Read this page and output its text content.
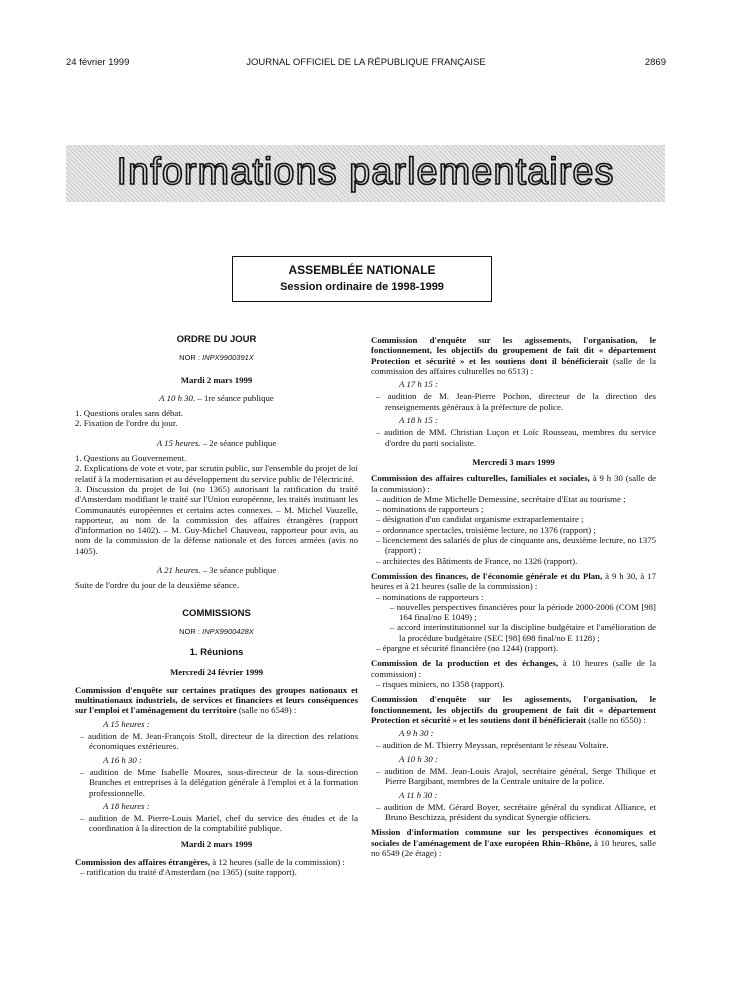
24 février 1999	JOURNAL OFFICIEL DE LA RÉPUBLIQUE FRANÇAISE	2869
Informations parlementaires
ASSEMBLÉE NATIONALE
Session ordinaire de 1998-1999
ORDRE DU JOUR
NOR : INPX9900391X
Mardi 2 mars 1999
A 10 h 30. – 1re séance publique
1. Questions orales sans débat.
2. Fixation de l'ordre du jour.
A 15 heures. – 2e séance publique
1. Questions au Gouvernement.
2. Explications de vote et vote, par scrutin public, sur l'ensemble du projet de loi relatif à la modernisation et au développement du service public de l'électricité.
3. Discussion du projet de loi (no 1365) autorisant la ratification du traité d'Amsterdam modifiant le traité sur l'Union européenne, les traités instituant les Communautés européennes et certains actes connexes. – M. Michel Vauzelle, rapporteur, au nom de la commission des affaires étrangères (rapport d'information no 1402). – M. Guy-Michel Chauveau, rapporteur pour avis, au nom de la commission de la défense nationale et des forces armées (avis no 1405).
A 21 heures. – 3e séance publique
Suite de l'ordre du jour de la deuxième séance.
COMMISSIONS
NOR : INPX9900428X
1. Réunions
Mercredi 24 février 1999
Commission d'enquête sur certaines pratiques des groupes nationaux et multinationaux industriels, de services et financiers et leurs conséquences sur l'emploi et l'aménagement du territoire (salle no 6549) :
A 15 heures :
– audition de M. Jean-François Stoll, directeur de la direction des relations économiques extérieures.
A 16 h 30 :
– audition de Mme Isabelle Moures, sous-directeur de la sous-direction Branches et entreprises à la délégation générale à l'emploi et à la formation professionnelle.
A 18 heures :
– audition de M. Pierre-Louis Mariel, chef du service des études et de la coordination à la direction de la comptabilité publique.
Mardi 2 mars 1999
Commission des affaires étrangères, à 12 heures (salle de la commission) :
– ratification du traité d'Amsterdam (no 1365) (suite rapport).
Commission d'enquête sur les agissements, l'organisation, le fonctionnement, les objectifs du groupement de fait dit « département Protection et sécurité » et les soutiens dont il bénéficierait (salle de la commission des affaires culturelles no 6513) :
A 17 h 15 :
– audition de M. Jean-Pierre Pochon, directeur de la direction des renseignements généraux à la préfecture de police.
A 18 h 15 :
– audition de MM. Christian Luçon et Loïc Rousseau, membres du service d'ordre du parti socialiste.
Mercredi 3 mars 1999
Commission des affaires culturelles, familiales et sociales, à 9 h 30 (salle de la commission) :
– audition de Mme Michelle Demessine, secrétaire d'Etat au tourisme ;
– nominations de rapporteurs ;
– désignation d'un candidat organisme extraparlementaire ;
– ordonnance spectacles, troisième lecture, no 1376 (rapport) ;
– licenciement des salariés de plus de cinquante ans, deuxième lecture, no 1375 (rapport) ;
– architectes des Bâtiments de France, no 1326 (rapport).
Commission des finances, de l'économie générale et du Plan, à 9 h 30, à 17 heures et à 21 heures (salle de la commission) :
– nominations de rapporteurs :
– nouvelles perspectives financières pour la période 2000-2006 (COM [98] 164 final/no E 1049) ;
– accord interinstitutionnel sur la discipline budgétaire et l'amélioration de la procédure budgétaire (SEC [98] 698 final/no E 1128) ;
– épargne et sécurité financière (no 1244) (rapport).
Commission de la production et des échanges, à 10 heures (salle de la commission) :
– risques miniers, no 1358 (rapport).
Commission d'enquête sur les agissements, l'organisation, le fonctionnement, les objectifs du groupement de fait dit « département Protection et sécurité » et les soutiens dont il bénéficierait (salle no 6550) :
A 9 h 30 :
– audition de M. Thierry Meyssan, représentant le réseau Voltaire.
A 10 h 30 :
– audition de MM. Jean-Louis Arajol, secrétaire général, Serge Thilique et Pierre Bargibant, membres de la Centrale unitaire de la police.
A 11 h 30 :
– audition de MM. Gérard Boyer, secrétaire général du syndicat Alliance, et Bruno Beschizza, président du syndicat Synergie officiers.
Mission d'information commune sur les perspectives économiques et sociales de l'aménagement de l'axe européen Rhin–Rhône, à 10 heures, salle no 6549 (2e étage) :
